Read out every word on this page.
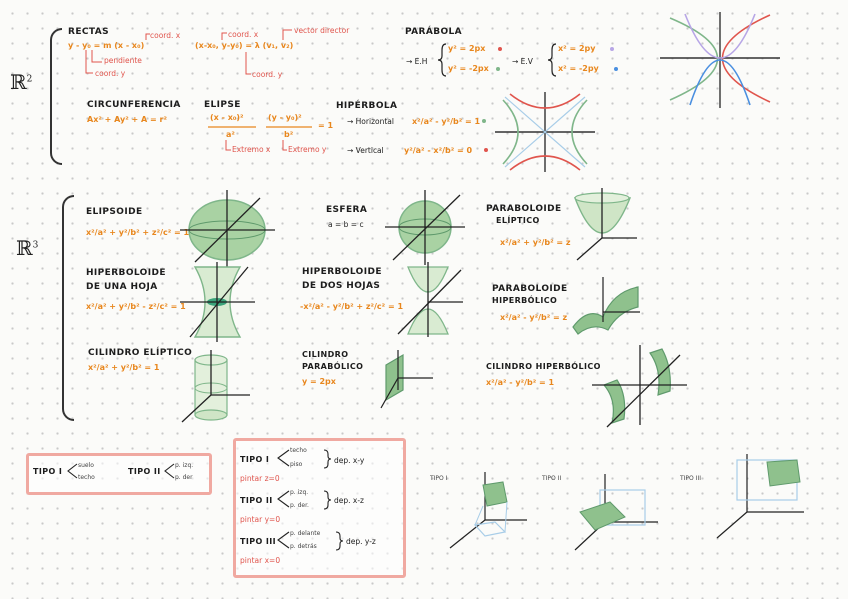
ℝ$^2$
RECTAS
y - y₀ = m (x - x₀)
coord. x
pendiente
coord. y
(x-x₀, y-y₀) = λ (v₁, v₂)
coord. x	vector director
coord. y
PARÁBOLA
→ E.H
y² = 2px
y² = -2px
→ E.V
x² = 2py
x² = -2py
CIRCUNFERENCIA
Ax² + Ay² + A = r²
ELIPSE
(x - x₀)²
a²
(y - y₀)²
b²
= 1
Extremo x Extremo y
HIPÉRBOLA
→ Horizontal x²/a² - y²/b² = 1
→ Vertical	y²/a² - x²/b² = 0
ℝ$^3$
ELIPSOIDE
x²/a² + y²/b² + z²/c² = 1
ESFERA
a = b = c
PARABOLOIDE
ELÍPTICO
x²/a² + y²/b² = z
HIPERBOLOIDE
DE UNA HOJA
x²/a² + y²/b² - z²/c² = 1
HIPERBOLOIDE
DE DOS HOJAS
-x²/a² - y²/b² + z²/c² = 1
PARABOLOIDE
HIPERBÓLICO
x²/a² - y²/b² = z
CILINDRO ELÍPTICO
x²/a² + y²/b² = 1
CILINDRO
PARABÓLICO
y = 2px
CILINDRO HIPERBÓLICO
x²/a² - y²/b² = 1
TIPO I
suelo
techo
TIPO II
p. izq.
p. der
TIPO I
techo
piso	dep. x-y
pintar z=0
TIPO II
p. izq.
p. der.
dep. x-z
pintar y=0
TIPO III
p. delante
p. detrás
dep. y-z
pintar x=0
TIPO I	TIPO II	TIPO III
